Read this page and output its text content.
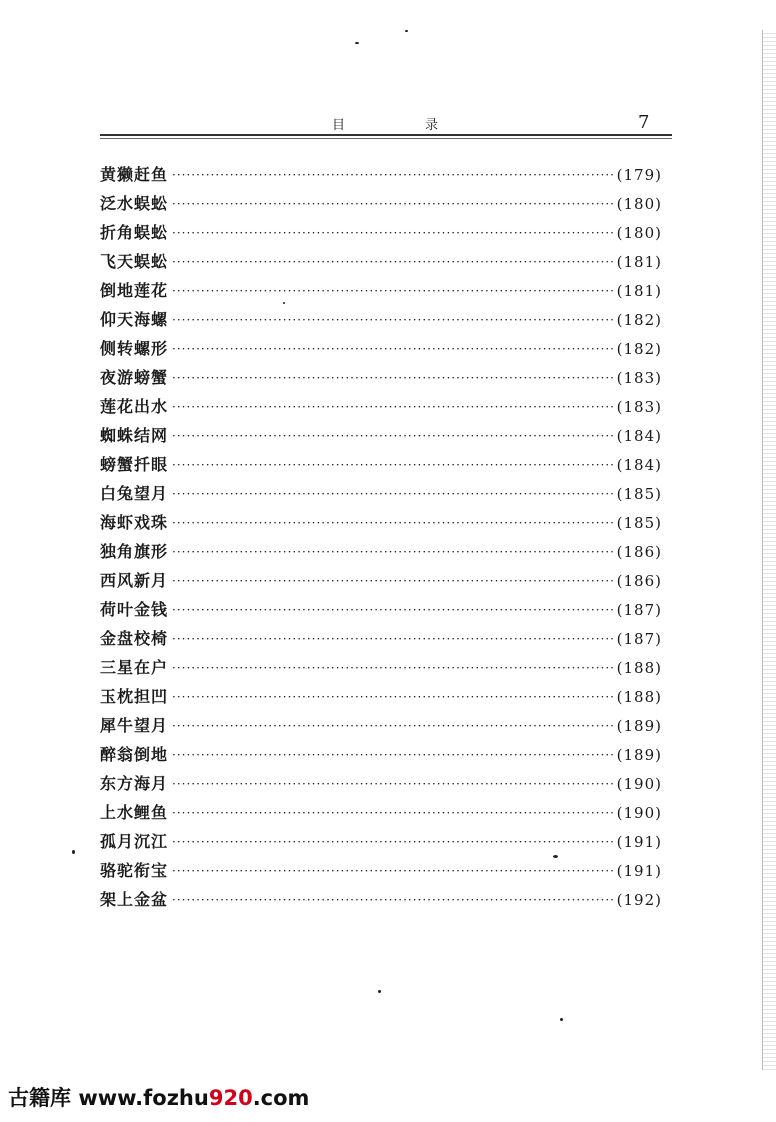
目	录	7
黄獭赶鱼 ·····	(179)
泛水蜈蚣 ·····	(180)
折角蜈蚣 ·····	(180)
飞天蜈蚣 ·····	(181)
倒地莲花 ·····	(181)
仰天海螺 ·····	(182)
侧转螺形 ·····	(182)
夜游螃蟹 ·····	(183)
莲花出水 ·····	(183)
蜘蛛结网 ·····	(184)
螃蟹扦眼 ·····	(184)
白兔望月 ·····	(185)
海虾戏珠 ·····	(185)
独角旗形 ·····	(186)
西风新月 ·····	(186)
荷叶金钱 ·····	(187)
金盘校椅 ·····	(187)
三星在户 ·····	(188)
玉枕担凹 ·····	(188)
犀牛望月 ·····	(189)
醉翁倒地 ·····	(189)
东方海月 ·····	(190)
上水鲤鱼 ·····	(190)
孤月沉江 ·····	(191)
骆驼衔宝 ·····	(191)
架上金盆 ·····	(192)
古籍库 www.fozhu920.com
